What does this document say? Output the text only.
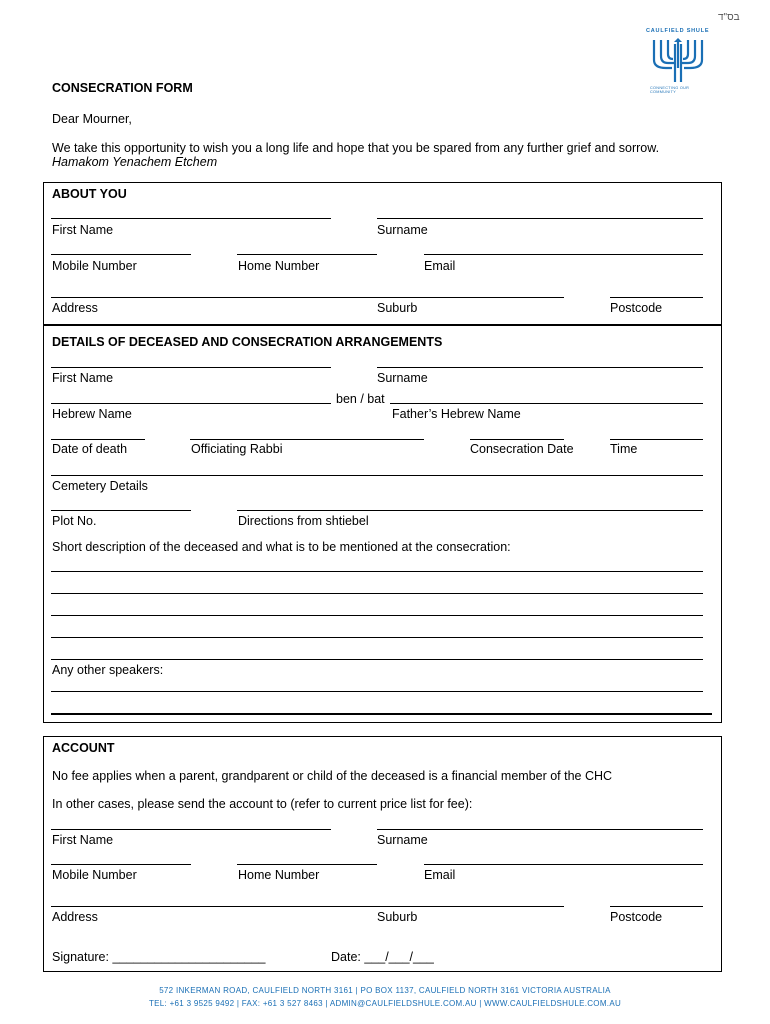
בס"ד
CAULFIELD SHULE
CONNECTING OUR COMMUNITY
CONSECRATION FORM
Dear Mourner,
We take this opportunity to wish you a long life and hope that you be spared from any further grief and sorrow.
Hamakom Yenachem Etchem
ABOUT YOU
First Name	Surname
Mobile Number	Home Number	Email
Address	Suburb	Postcode
DETAILS OF DECEASED AND CONSECRATION ARRANGEMENTS
First Name	Surname
ben / bat
Hebrew Name	Father’s Hebrew Name
Date of death	Officiating Rabbi	Consecration Date	Time
Cemetery Details
Plot No.	Directions from shtiebel
Short description of the deceased and what is to be mentioned at the consecration:
Any other speakers:
ACCOUNT
No fee applies when a parent, grandparent or child of the deceased is a financial member of the CHC
In other cases, please send the account to (refer to current price list for fee):
First Name	Surname
Mobile Number	Home Number	Email
Address	Suburb	Postcode
Signature: ______________________	Date: ___/___/___
572 INKERMAN ROAD, CAULFIELD NORTH 3161 | PO BOX 1137, CAULFIELD NORTH 3161 VICTORIA AUSTRALIA
TEL: +61 3 9525 9492 | FAX: +61 3 527 8463 | ADMIN@CAULFIELDSHULE.COM.AU | WWW.CAULFIELDSHULE.COM.AU
